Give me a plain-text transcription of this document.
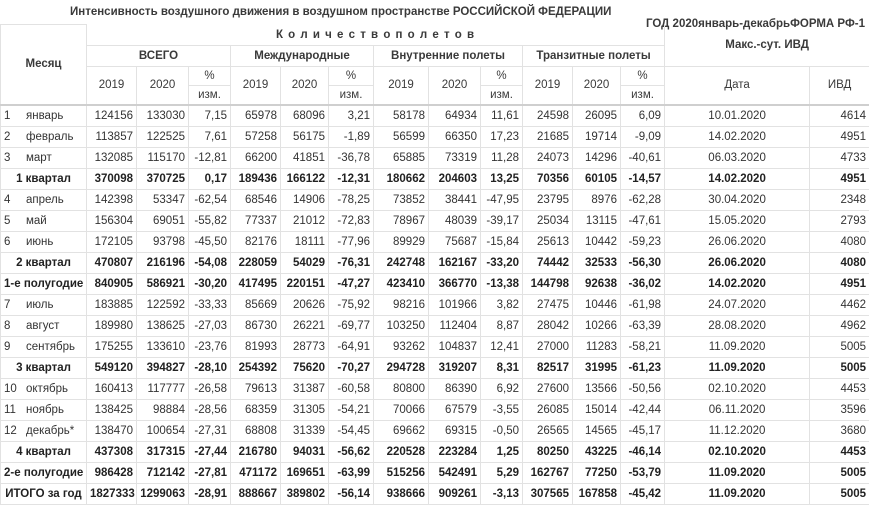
Интенсивность воздушного движения в воздушном пространстве РОССИЙСКОЙ ФЕДЕРАЦИИ
ГОД 2020январь-декабрьФОРМА РФ-1
Месяц	К о л и ч е с т в о п о л е т о в												Макс.-сут. ИВД	
	ВСЕГО			Международные			Внутренние полеты			Транзитные полеты				
	2019	2020	%	2019	2020	%	2019	2020	%	2019	2020	%	Дата	ИВД
			изм.			изм.			изм.			изм.		
1 январь	124156	133030	7,15	65978	68096	3,21	58178	64934	11,61	24598	26095	6,09	10.01.2020	4614
2 февраль	113857	122525	7,61	57258	56175	-1,89	56599	66350	17,23	21685	19714	-9,09	14.02.2020	4951
3 март	132085	115170	-12,81	66200	41851	-36,78	65885	73319	11,28	24073	14296	-40,61	06.03.2020	4733
1 квартал	370098	370725	0,17	189436	166122	-12,31	180662	204603	13,25	70356	60105	-14,57	14.02.2020	4951
4 апрель	142398	53347	-62,54	68546	14906	-78,25	73852	38441	-47,95	23795	8976	-62,28	30.04.2020	2348
5 май	156304	69051	-55,82	77337	21012	-72,83	78967	48039	-39,17	25034	13115	-47,61	15.05.2020	2793
6 июнь	172105	93798	-45,50	82176	18111	-77,96	89929	75687	-15,84	25613	10442	-59,23	26.06.2020	4080
2 квартал	470807	216196	-54,08	228059	54029	-76,31	242748	162167	-33,20	74442	32533	-56,30	26.06.2020	4080
1-е полугодие	840905	586921	-30,20	417495	220151	-47,27	423410	366770	-13,38	144798	92638	-36,02	14.02.2020	4951
7 июль	183885	122592	-33,33	85669	20626	-75,92	98216	101966	3,82	27475	10446	-61,98	24.07.2020	4462
8 август	189980	138625	-27,03	86730	26221	-69,77	103250	112404	8,87	28042	10266	-63,39	28.08.2020	4962
9 сентябрь	175255	133610	-23,76	81993	28773	-64,91	93262	104837	12,41	27000	11283	-58,21	11.09.2020	5005
3 квартал	549120	394827	-28,10	254392	75620	-70,27	294728	319207	8,31	82517	31995	-61,23	11.09.2020	5005
10 октябрь	160413	117777	-26,58	79613	31387	-60,58	80800	86390	6,92	27600	13566	-50,56	02.10.2020	4453
11 ноябрь	138425	98884	-28,56	68359	31305	-54,21	70066	67579	-3,55	26085	15014	-42,44	06.11.2020	3596
12 декабрь*	138470	100654	-27,31	68808	31339	-54,45	69662	69315	-0,50	26565	14565	-45,17	11.12.2020	3680
4 квартал	437308	317315	-27,44	216780	94031	-56,62	220528	223284	1,25	80250	43225	-46,14	02.10.2020	4453
2-е полугодие	986428	712142	-27,81	471172	169651	-63,99	515256	542491	5,29	162767	77250	-53,79	11.09.2020	5005
ИТОГО за год	1827333	1299063	-28,91	888667	389802	-56,14	938666	909261	-3,13	307565	167858	-45,42	11.09.2020	5005
